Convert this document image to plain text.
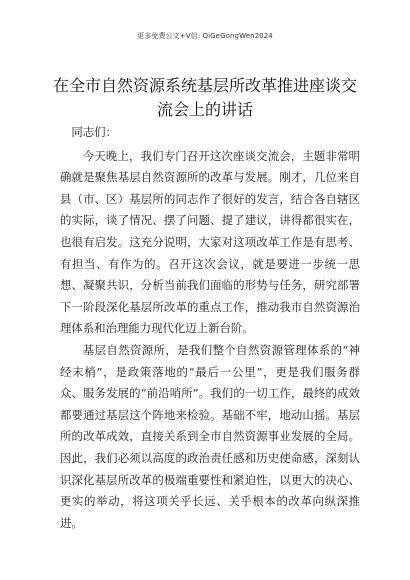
更多免费公文+V信: QiGeGongWen2024
在全市自然资源系统基层所改革推进座谈交流会上的讲话

同志们：

今天晚上，我们专门召开这次座谈交流会，主题非常明确就是聚焦基层自然资源所的改革与发展。刚才，几位来自县（市、区）基层所的同志作了很好的发言，结合各自辖区的实际，谈了情况、摆了问题、提了建议，讲得都很实在，也很有启发。这充分说明，大家对这项改革工作是有思考、有担当、有作为的。召开这次会议，就是要进一步统一思想、凝聚共识，分析当前我们面临的形势与任务，研究部署下一阶段深化基层所改革的重点工作，推动我市自然资源治理体系和治理能力现代化迈上新台阶。

基层自然资源所，是我们整个自然资源管理体系的“神经末梢”，是政策落地的“最后一公里”，更是我们服务群众、服务发展的“前沿哨所”。我们的一切工作，最终的成效都要通过基层这个阵地来检验。基础不牢，地动山摇。基层所的改革成效，直接关系到全市自然资源事业发展的全局。因此，我们必须以高度的政治责任感和历史使命感，深刻认识深化基层所改革的极端重要性和紧迫性，以更大的决心、更实的举动，将这项关乎长远、关乎根本的改革向纵深推进。
